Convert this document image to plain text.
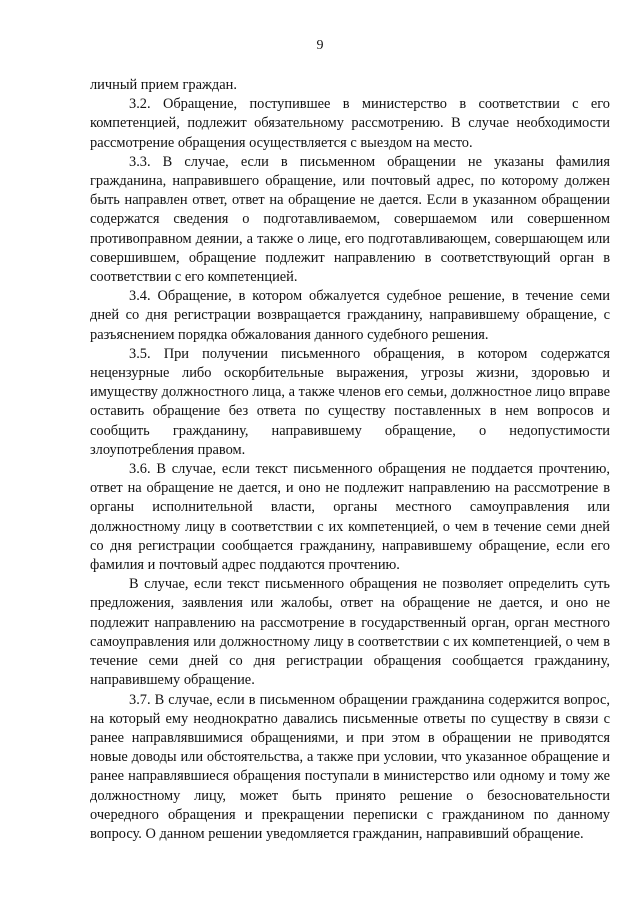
9

личный прием граждан.

3.2. Обращение, поступившее в министерство в соответствии с его компетенцией, подлежит обязательному рассмотрению. В случае необходимости рассмотрение обращения осуществляется с выездом на место.

3.3. В случае, если в письменном обращении не указаны фамилия гражданина, направившего обращение, или почтовый адрес, по которому должен быть направлен ответ, ответ на обращение не дается. Если в указанном обращении содержатся сведения о подготавливаемом, совершаемом или совершенном противоправном деянии, а также о лице, его подготавливающем, совершающем или совершившем, обращение подлежит направлению в соответствующий орган в соответствии с его компетенцией.

3.4. Обращение, в котором обжалуется судебное решение, в течение семи дней со дня регистрации возвращается гражданину, направившему обращение, с разъяснением порядка обжалования данного судебного решения.

3.5. При получении письменного обращения, в котором содержатся нецензурные либо оскорбительные выражения, угрозы жизни, здоровью и имуществу должностного лица, а также членов его семьи, должностное лицо вправе оставить обращение без ответа по существу поставленных в нем вопросов и сообщить гражданину, направившему обращение, о недопустимости злоупотребления правом.

3.6. В случае, если текст письменного обращения не поддается прочтению, ответ на обращение не дается, и оно не подлежит направлению на рассмотрение в органы исполнительной власти, органы местного самоуправления или должностному лицу в соответствии с их компетенцией, о чем в течение семи дней со дня регистрации сообщается гражданину, направившему обращение, если его фамилия и почтовый адрес поддаются прочтению.

В случае, если текст письменного обращения не позволяет определить суть предложения, заявления или жалобы, ответ на обращение не дается, и оно не подлежит направлению на рассмотрение в государственный орган, орган местного самоуправления или должностному лицу в соответствии с их компетенцией, о чем в течение семи дней со дня регистрации обращения сообщается гражданину, направившему обращение.

3.7. В случае, если в письменном обращении гражданина содержится вопрос, на который ему неоднократно давались письменные ответы по существу в связи с ранее направлявшимися обращениями, и при этом в обращении не приводятся новые доводы или обстоятельства, а также при условии, что указанное обращение и ранее направлявшиеся обращения поступали в министерство или одному и тому же должностному лицу, может быть принято решение о безосновательности очередного обращения и прекращении переписки с гражданином по данному вопросу. О данном решении уведомляется гражданин, направивший обращение.
